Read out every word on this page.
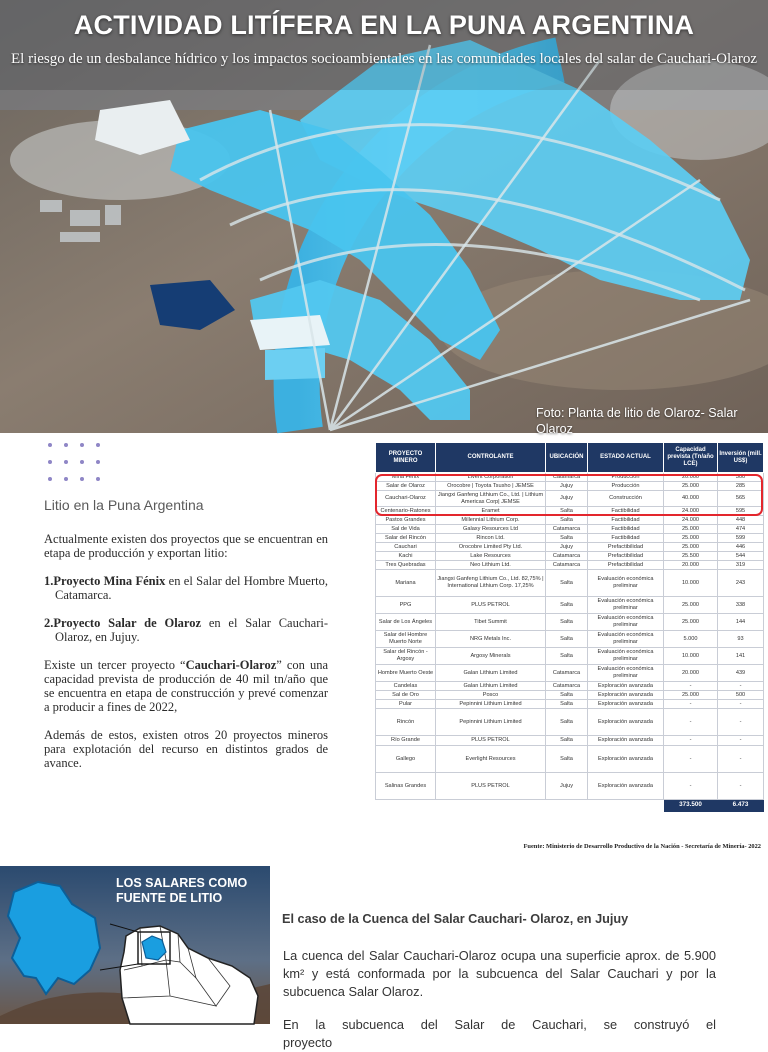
ACTIVIDAD LITÍFERA EN LA PUNA ARGENTINA
El riesgo de un desbalance hídrico y los impactos socioambientales en las comunidades locales del salar de Cauchari-Olaroz
Foto: Planta de litio de Olaroz- Salar Olaroz
Litio en la Puna Argentina

Actualmente existen dos proyectos que se encuentran en etapa de producción y exportan litio:

1.Proyecto Mina Fénix en el Salar del Hombre Muerto, Catamarca.

2.Proyecto Salar de Olaroz en el Salar Cauchari-Olaroz, en Jujuy.

Existe un tercer proyecto “Cauchari-Olaroz” con una capacidad prevista de producción de 40 mil tn/año que se encuentra en etapa de construcción y prevé comenzar a producir a fines de 2022,

Además de estos, existen otros 20 proyectos mineros para explotación del recurso en distintos grados de avance.

PROYECTO MINERO	CONTROLANTE	UBICACIÓN	ESTADO ACTUAL	Capacidad prevista (Tn/año LCE)	Inversión (mill. US$)
Mina Fenix	Livent Corporation	Catamarca	Producción	20.000	300
Salar de Olaroz	Orocobre | Toyota Tsusho | JEMSE	Jujuy	Producción	25.000	285
Cauchari-Olaroz	Jiangxi Ganfeng Lithium Co., Ltd. | Lithium Americas Corp| JEMSE	Jujuy	Construcción	40.000	565
Centenario-Ratones	Eramet	Salta	Factibilidad	24.000	595
Pastos Grandes	Millennial Lithium Corp.	Salta	Factibilidad	24.000	448
Sal de Vida	Galaxy Resources Ltd	Catamarca	Factibilidad	25.000	474
Salar del Rincón	Rincon Ltd.	Salta	Factibilidad	25.000	599
Cauchari	Orocobre Limited Pty Ltd.	Jujuy	Prefactibilidad	25.000	446
Kachi	Lake Resources	Catamarca	Prefactibilidad	25.500	544
Tres Quebradas	Neo Lithium Ltd.	Catamarca	Prefactibilidad	20.000	319
Mariana	Jiangxi Ganfeng Lithium Co., Ltd. 82,75% | International Lithium Corp. 17,25%	Salta	Evaluación económica preliminar	10.000	243
PPG	PLUS PETROL	Salta	Evaluación económica preliminar	25.000	338
Salar de Los Ángeles	Tibet Summit	Salta	Evaluación económica preliminar	25.000	144
Salar del Hombre Muerto Norte	NRG Metals Inc.	Salta	Evaluación económica preliminar	5.000	93
Salar del Rincón - Argosy	Argosy Minerals	Salta	Evaluación económica preliminar	10.000	141
Hombre Muerto Oeste	Galan Lithium Limited	Catamarca	Evaluación económica preliminar	20.000	439
Candelas	Galan Lithium Limited	Catamarca	Exploración avanzada	-	-
Sal de Oro	Posco	Salta	Exploración avanzada	25.000	500
Pular	Pepinnini Lithium Limited	Salta	Exploración avanzada	-	-
Rincón	Pepinnini Lithium Limited	Salta	Exploración avanzada	-	-
Río Grande	PLUS PETROL	Salta	Exploración avanzada	-	-
Gallego	Everlight Resources	Salta	Exploración avanzada	-	-
Salinas Grandes	PLUS PETROL	Jujuy	Exploración avanzada	-	-
				373.500	6.473
Fuente: Ministerio de Desarrollo Productivo de la Nación - Secretaría de Minería- 2022
LOS SALARES COMO FUENTE DE LITIO
El caso de la Cuenca del Salar Cauchari- Olaroz, en Jujuy
La cuenca del Salar Cauchari-Olaroz ocupa una superficie aprox. de 5.900 km² y está conformada por la subcuenca del Salar Cauchari y por la subcuenca Salar Olaroz.
En la subcuenca del Salar de Cauchari, se construyó el proyecto
